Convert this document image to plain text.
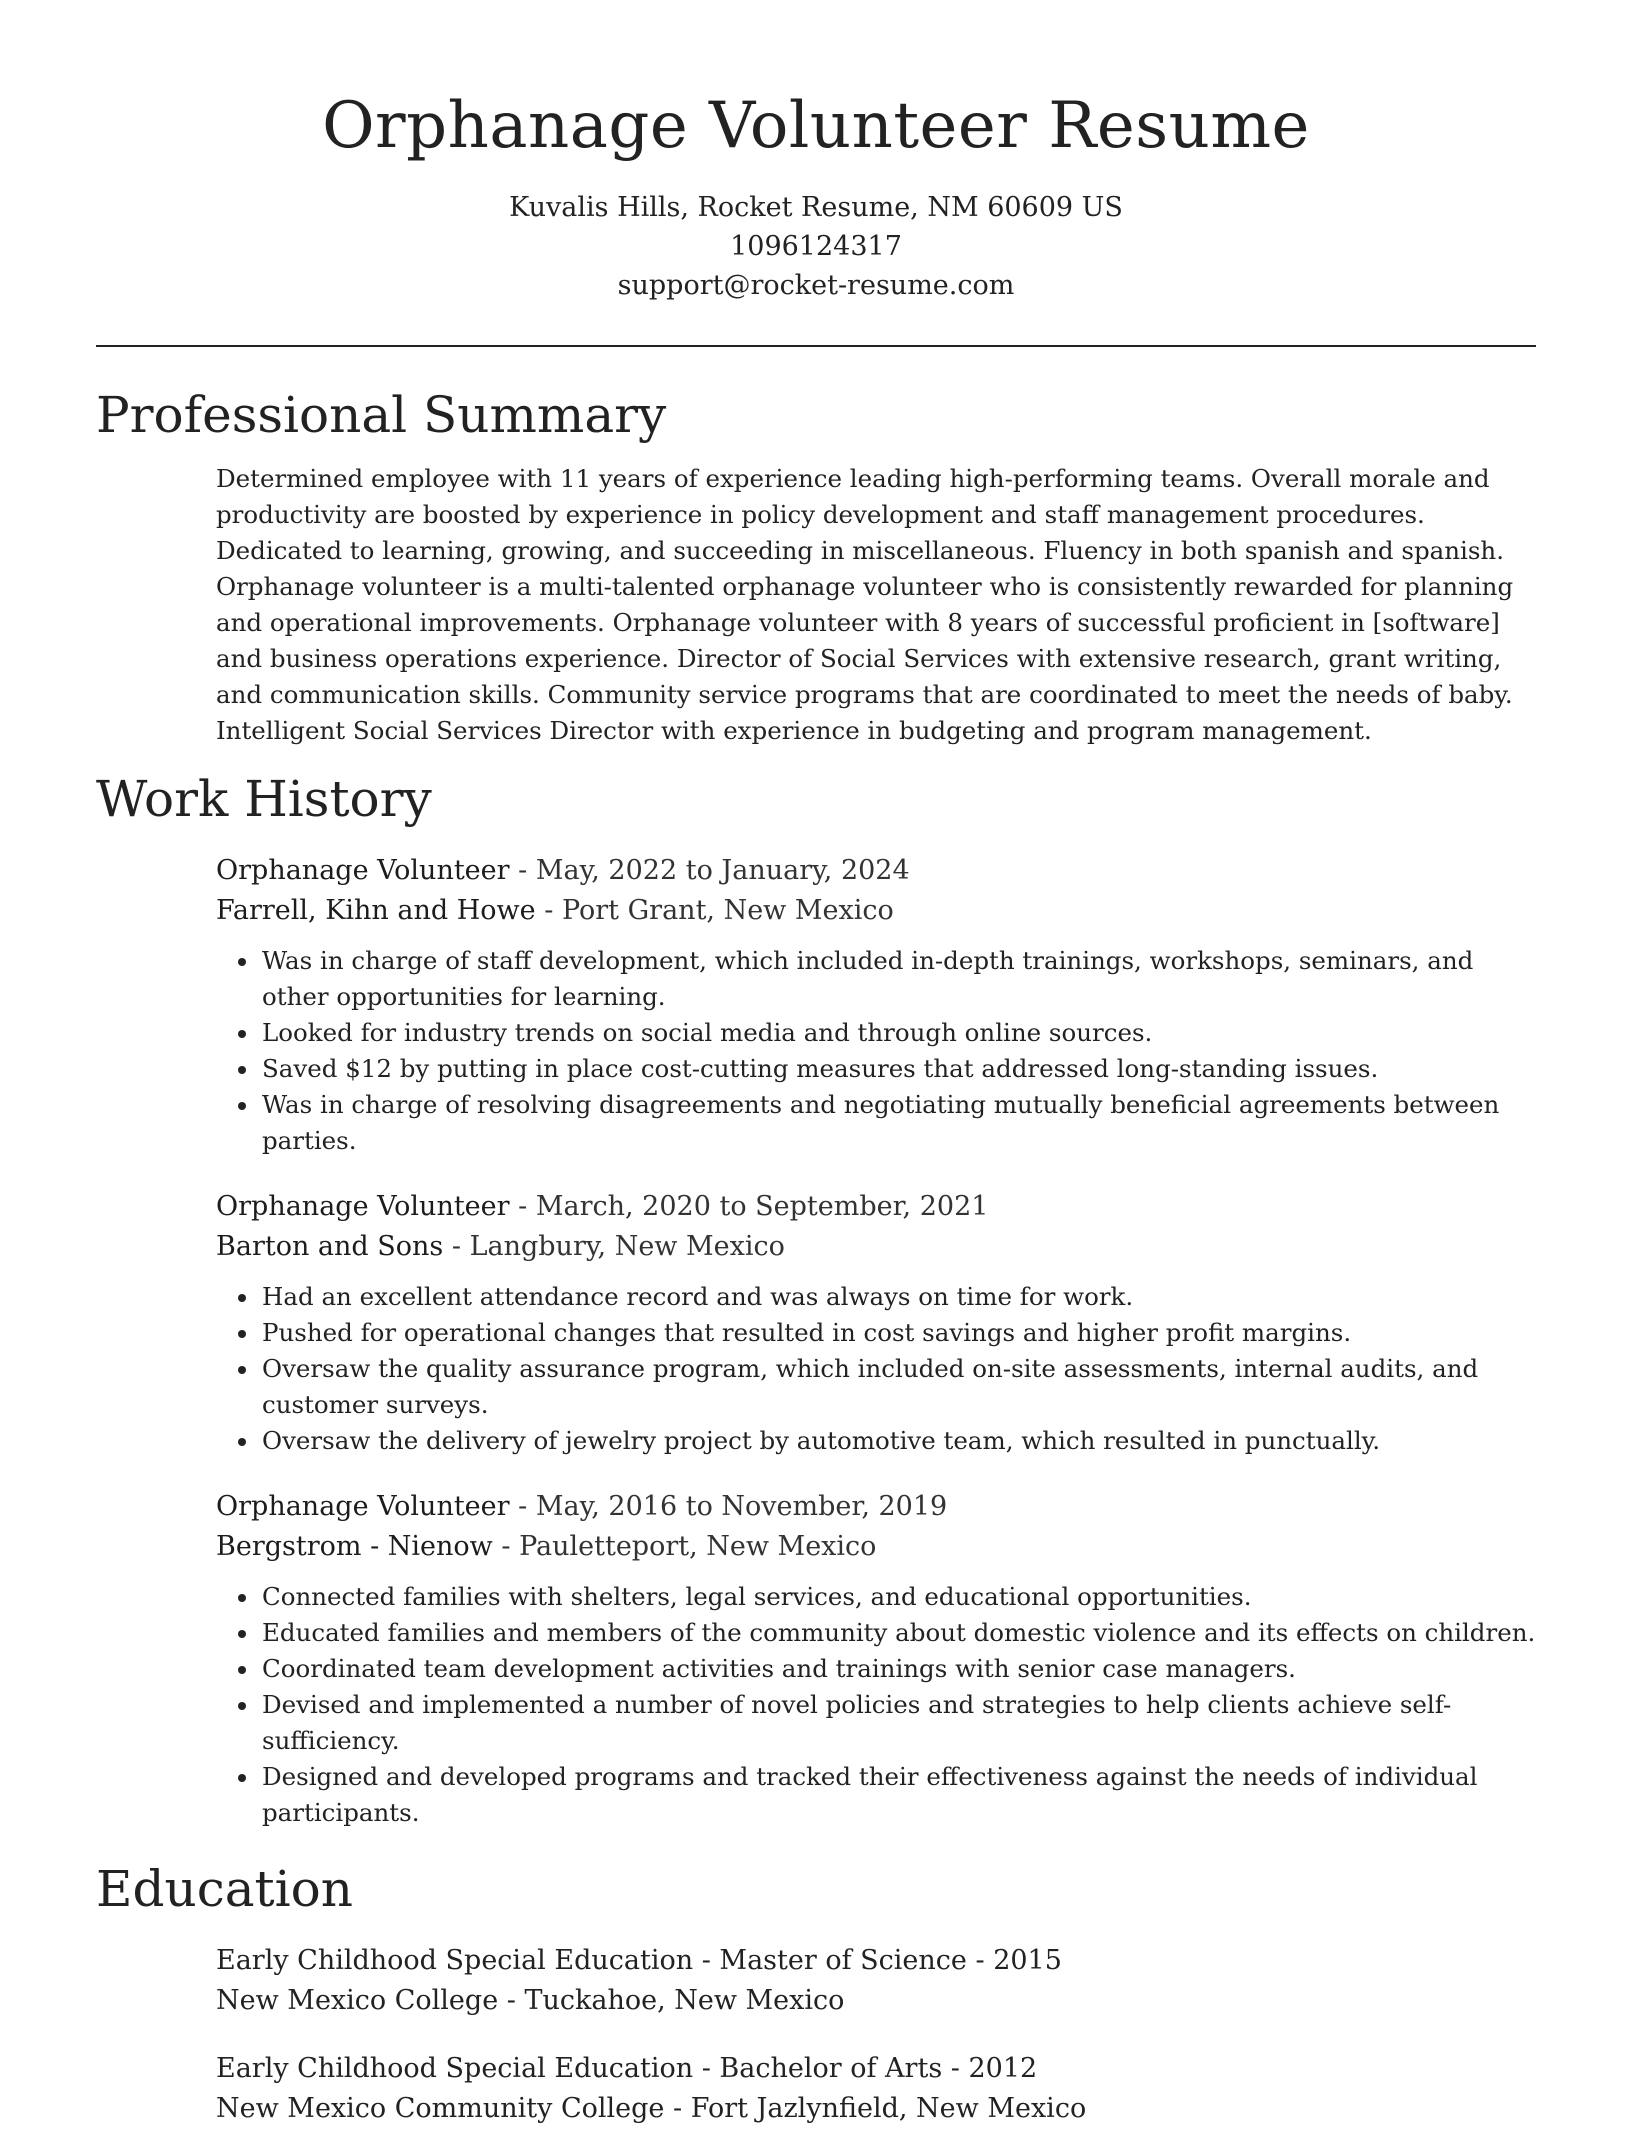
Orphanage Volunteer Resume
Kuvalis Hills, Rocket Resume, NM 60609 US
1096124317
support@rocket-resume.com
Professional Summary
Determined employee with 11 years of experience leading high-performing teams. Overall morale and productivity are boosted by experience in policy development and staff management procedures. Dedicated to learning, growing, and succeeding in miscellaneous. Fluency in both spanish and spanish. Orphanage volunteer is a multi-talented orphanage volunteer who is consistently rewarded for planning and operational improvements. Orphanage volunteer with 8 years of successful proficient in [software] and business operations experience. Director of Social Services with extensive research, grant writing, and communication skills. Community service programs that are coordinated to meet the needs of baby. Intelligent Social Services Director with experience in budgeting and program management.
Work History
Orphanage Volunteer - May, 2022 to January, 2024
Farrell, Kihn and Howe - Port Grant, New Mexico
• Was in charge of staff development, which included in-depth trainings, workshops, seminars, and other opportunities for learning.
• Looked for industry trends on social media and through online sources.
• Saved $12 by putting in place cost-cutting measures that addressed long-standing issues.
• Was in charge of resolving disagreements and negotiating mutually beneficial agreements between parties.
Orphanage Volunteer - March, 2020 to September, 2021
Barton and Sons - Langbury, New Mexico
• Had an excellent attendance record and was always on time for work.
• Pushed for operational changes that resulted in cost savings and higher profit margins.
• Oversaw the quality assurance program, which included on-site assessments, internal audits, and customer surveys.
• Oversaw the delivery of jewelry project by automotive team, which resulted in punctually.
Orphanage Volunteer - May, 2016 to November, 2019
Bergstrom - Nienow - Pauletteport, New Mexico
• Connected families with shelters, legal services, and educational opportunities.
• Educated families and members of the community about domestic violence and its effects on children.
• Coordinated team development activities and trainings with senior case managers.
• Devised and implemented a number of novel policies and strategies to help clients achieve self-sufficiency.
• Designed and developed programs and tracked their effectiveness against the needs of individual participants.
Education
Early Childhood Special Education - Master of Science - 2015
New Mexico College - Tuckahoe, New Mexico
Early Childhood Special Education - Bachelor of Arts - 2012
New Mexico Community College - Fort Jazlynfield, New Mexico
